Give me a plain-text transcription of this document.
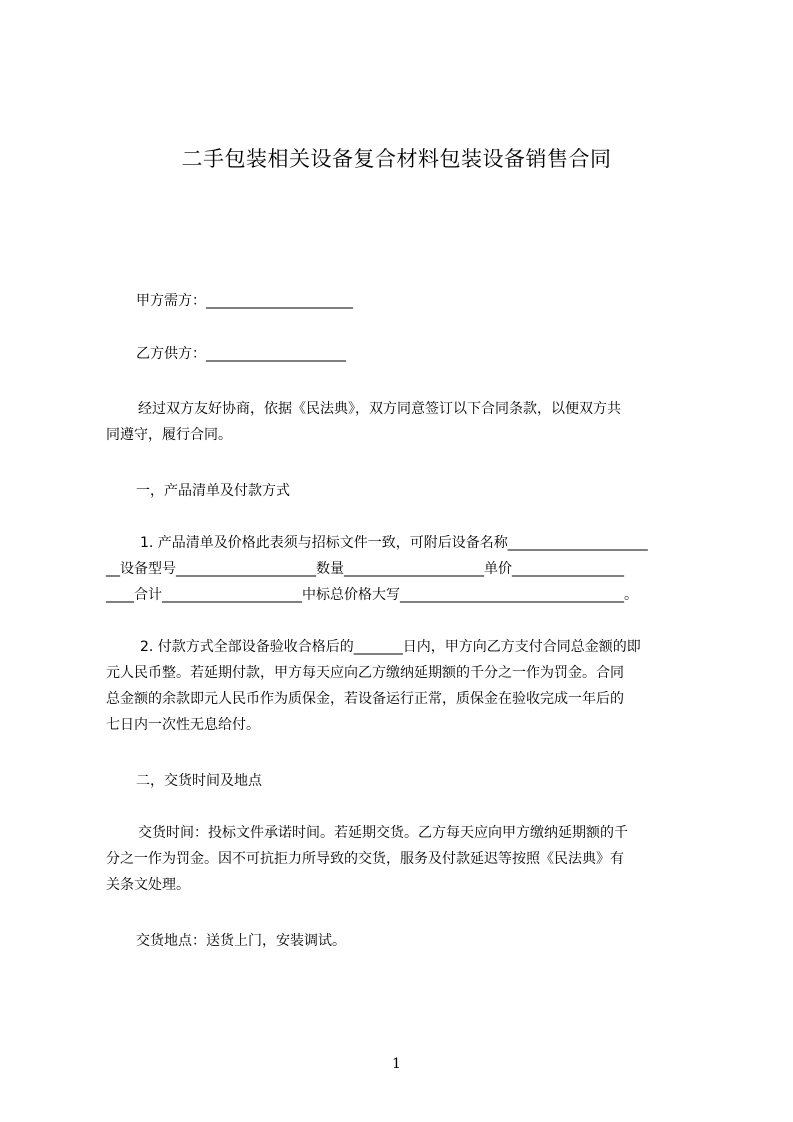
二手包装相关设备复合材料包装设备销售合同
甲方需方：_____________________
乙方供方：____________________
经过双方友好协商，依据《民法典》，双方同意签订以下合同条款，以便双方共
同遵守，履行合同。
一，产品清单及付款方式
1. 产品清单及价格此表须与招标文件一致，可附后设备名称____________________
__设备型号____________________数量____________________单价________________
____合计____________________中标总价格大写________________________________。
2. 付款方式全部设备验收合格后的_______日内，甲方向乙方支付合同总金额的即
元人民币整。若延期付款，甲方每天应向乙方缴纳延期额的千分之一作为罚金。合同
总金额的余款即元人民币作为质保金，若设备运行正常，质保金在验收完成一年后的
七日内一次性无息给付。
二，交货时间及地点
交货时间：投标文件承诺时间。若延期交货。乙方每天应向甲方缴纳延期额的千
分之一作为罚金。因不可抗拒力所导致的交货，服务及付款延迟等按照《民法典》有
关条文处理。
交货地点：送货上门，安装调试。
1
